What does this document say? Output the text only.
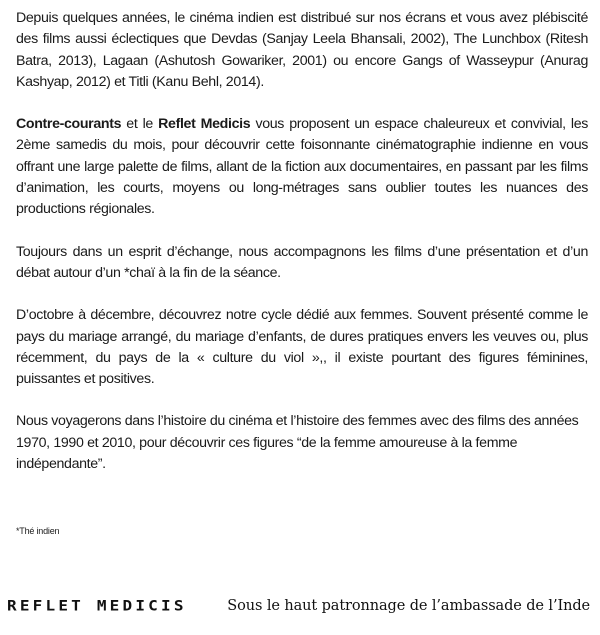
Depuis quelques années, le cinéma indien est distribué sur nos écrans et vous avez plébiscité des films aussi éclectiques que Devdas (Sanjay Leela Bhansali, 2002), The Lunchbox (Ritesh Batra, 2013), Lagaan (Ashutosh Gowariker, 2001) ou encore Gangs of Wasseypur (Anurag Kashyap, 2012) et Titli (Kanu Behl, 2014).

Contre-courants et le Reflet Medicis vous proposent un espace chaleureux et convivial, les 2ème samedis du mois, pour découvrir cette foisonnante cinématographie indienne en vous offrant une large palette de films, allant de la fiction aux documentaires, en passant par les films d’animation, les courts, moyens ou long-métrages sans oublier toutes les nuances des productions régionales.

Toujours dans un esprit d’échange, nous accompagnons les films d’une présentation et d’un débat autour d’un *chaï à la fin de la séance.

D’octobre à décembre, découvrez notre cycle dédié aux femmes. Souvent présenté comme le pays du mariage arrangé, du mariage d’enfants, de dures pratiques envers les veuves ou, plus récemment, du pays de la « culture du viol »,, il existe pourtant des figures féminines, puissantes et positives.

Nous voyagerons dans l’histoire du cinéma et l’histoire des femmes avec des films des années 1970, 1990 et 2010, pour découvrir ces figures “de la femme amoureuse à la femme indépendante”.

*Thé indien
REFLET MEDICIS	Sous le haut patronnage de l’ambassade de l’Inde
